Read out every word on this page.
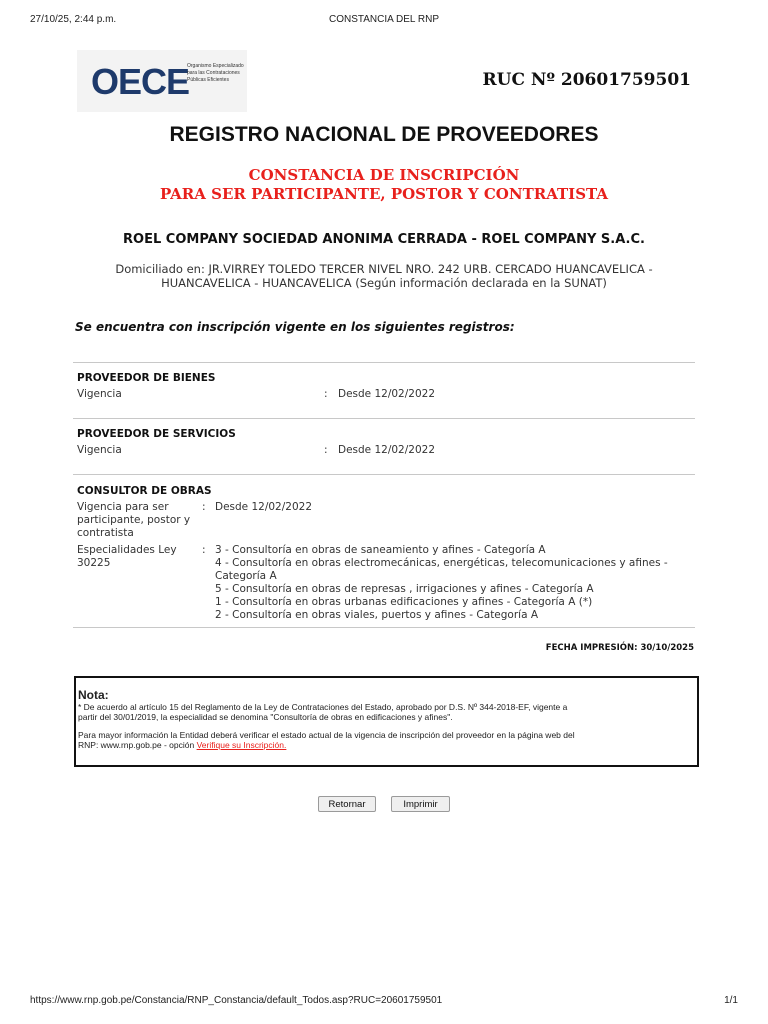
27/10/25, 2:44 p.m.	CONSTANCIA DEL RNP
OECE
Organismo Especializado para las Contrataciones Públicas Eficientes	RUC Nº 20601759501
REGISTRO NACIONAL DE PROVEEDORES
CONSTANCIA DE INSCRIPCIÓN
PARA SER PARTICIPANTE, POSTOR Y CONTRATISTA
ROEL COMPANY SOCIEDAD ANONIMA CERRADA - ROEL COMPANY S.A.C.
Domiciliado en: JR.VIRREY TOLEDO TERCER NIVEL NRO. 242 URB. CERCADO HUANCAVELICA -
HUANCAVELICA - HUANCAVELICA (Según información declarada en la SUNAT)
Se encuentra con inscripción vigente en los siguientes registros:
PROVEEDOR DE BIENES
Vigencia	: Desde 12/02/2022
PROVEEDOR DE SERVICIOS
Vigencia	: Desde 12/02/2022
CONSULTOR DE OBRAS
Vigencia para ser
participante, postor y
contratista
: Desde 12/02/2022
Especialidades Ley
30225
: 3 - Consultoría en obras de saneamiento y afines - Categoría A
4 - Consultoría en obras electromecánicas, energéticas, telecomunicaciones y afines -
Categoría A
5 - Consultoría en obras de represas , irrigaciones y afines - Categoría A
1 - Consultoría en obras urbanas edificaciones y afines - Categoría A (*)
2 - Consultoría en obras viales, puertos y afines - Categoría A
FECHA IMPRESIÓN: 30/10/2025
Nota:

* De acuerdo al artículo 15 del Reglamento de la Ley de Contrataciones del Estado, aprobado por D.S. Nº 344-2018-EF, vigente a

partir del 30/01/2019, la especialidad se denomina "Consultoría de obras en edificaciones y afines".

Para mayor información la Entidad deberá verificar el estado actual de la vigencia de inscripción del proveedor en la página web del

RNP: www.rnp.gob.pe - opción Verifique su Inscripción.

Retornar	Imprimir
https://www.rnp.gob.pe/Constancia/RNP_Constancia/default_Todos.asp?RUC=20601759501	1/1
